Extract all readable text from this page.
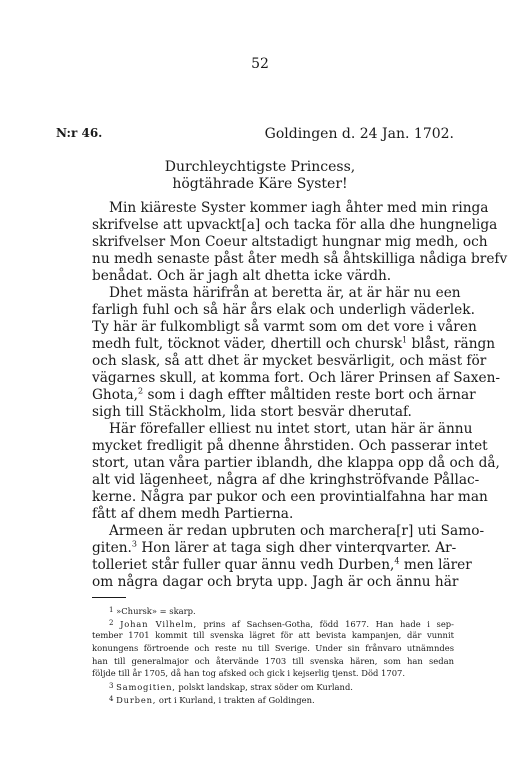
52
N:r 46.	Goldingen d. 24 Jan. 1702.
Durchleychtigste Princess,
högtährade Käre Syster!
Min kiäreste Syster kommer iagh åhter med min ringa
skrifvelse att upvackt[a] och tacka för alla dhe hungneliga
skrifvelser Mon Coeur altstadigt hungnar mig medh, och
nu medh senaste påst åter medh så åhtskilliga nådiga brefv
benådat. Och är jagh alt dhetta icke värdh.
Dhet mästa härifrån at beretta är, at är här nu een
farligh fuhl och så här års elak och underligh väderlek.
Ty här är fulkombligt så varmt som om det vore i våren
medh fult, töcknot väder, dhertill och chursk$^1$ blåst, rängn
och slask, så att dhet är mycket besvärligit, och mäst för
vägarnes skull, at komma fort. Och lärer Prinsen af Saxen-
Ghota,$^2$ som i dagh effter måltiden reste bort och ärnar
sigh till Stäckholm, lida stort besvär dherutaf.
Här förefaller elliest nu intet stort, utan här är ännu
mycket fredligit på dhenne åhrstiden. Och passerar intet
stort, utan våra partier iblandh, dhe klappa opp då och då,
alt vid lägenheet, några af dhe kringhströfvande Pållac-
kerne. Några par pukor och een provintialfahna har man
fått af dhem medh Partierna.
Armeen är redan upbruten och marchera[r] uti Samo-
giten.$^3$ Hon lärer at taga sigh dher vinterqvarter. Ar-
tolleriet står fuller quar ännu vedh Durben,$^4$ men lärer
om några dagar och bryta upp. Jagh är och ännu här
$^1$ »Chursk» = skarp.
$^2$ Johan Vilhelm, prins af Sachsen-Gotha, född 1677. Han hade i sep-
tember 1701 kommit till svenska lägret för att bevista kampanjen, där vunnit
konungens förtroende och reste nu till Sverige. Under sin frånvaro utnämndes
han till generalmajor och återvände 1703 till svenska hären, som han sedan
följde till år 1705, då han tog afsked och gick i kejserlig tjenst. Död 1707.
$^3$ Samogitien, polskt landskap, strax söder om Kurland.
$^4$ Durben, ort i Kurland, i trakten af Goldingen.
